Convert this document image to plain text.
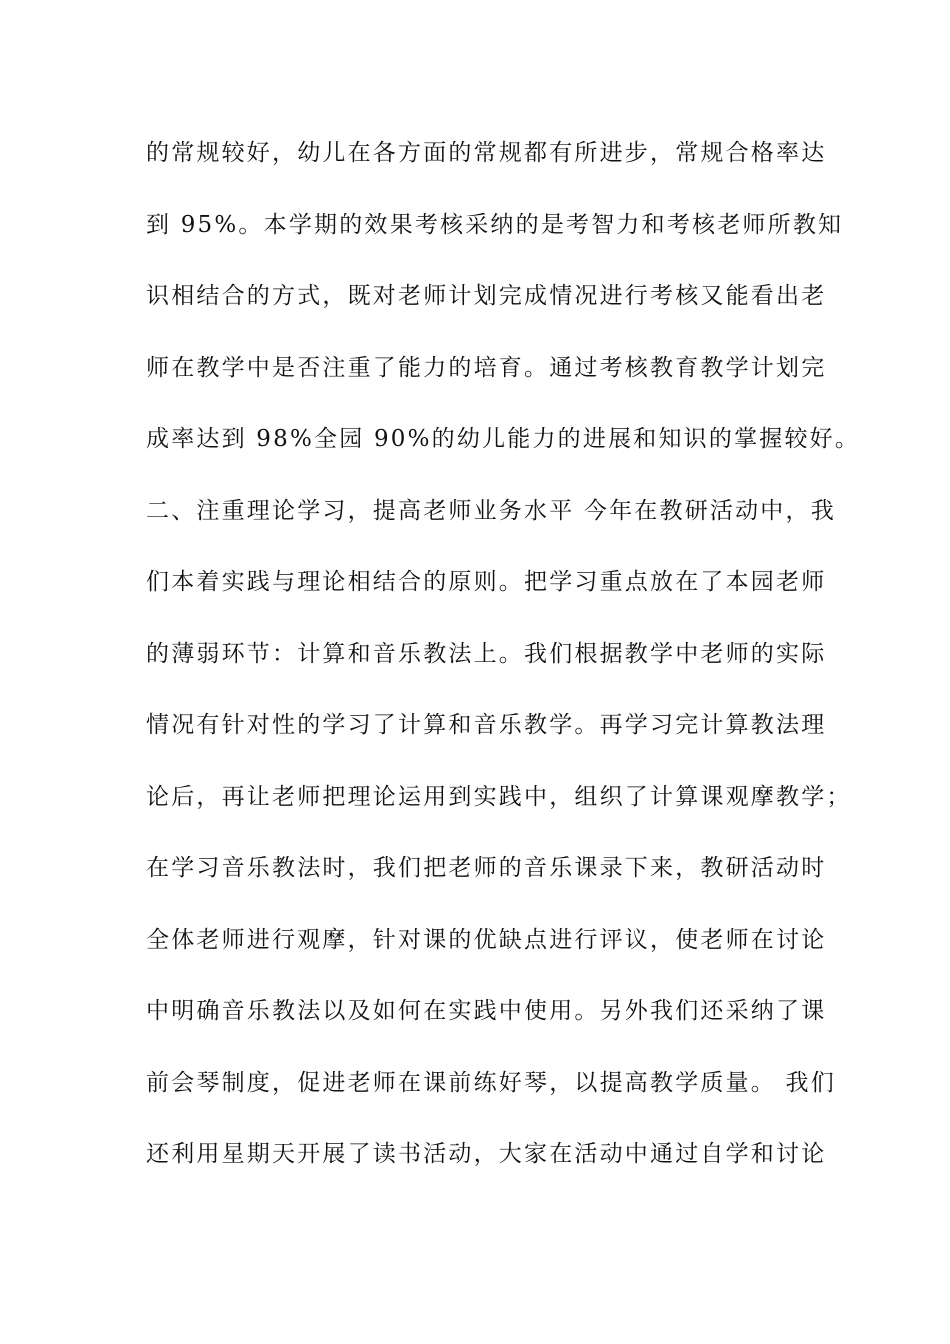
的常规较好，幼儿在各方面的常规都有所进步，常规合格率达
到 95%。本学期的效果考核采纳的是考智力和考核老师所教知
识相结合的方式，既对老师计划完成情况进行考核又能看出老
师在教学中是否注重了能力的培育。通过考核教育教学计划完
成率达到 98%全园 90%的幼儿能力的进展和知识的掌握较好。
二、注重理论学习，提高老师业务水平 今年在教研活动中，我
们本着实践与理论相结合的原则。把学习重点放在了本园老师
的薄弱环节：计算和音乐教法上。我们根据教学中老师的实际
情况有针对性的学习了计算和音乐教学。再学习完计算教法理
论后，再让老师把理论运用到实践中，组织了计算课观摩教学；
在学习音乐教法时，我们把老师的音乐课录下来，教研活动时
全体老师进行观摩，针对课的优缺点进行评议，使老师在讨论
中明确音乐教法以及如何在实践中使用。另外我们还采纳了课
前会琴制度，促进老师在课前练好琴，以提高教学质量。 我们
还利用星期天开展了读书活动，大家在活动中通过自学和讨论
